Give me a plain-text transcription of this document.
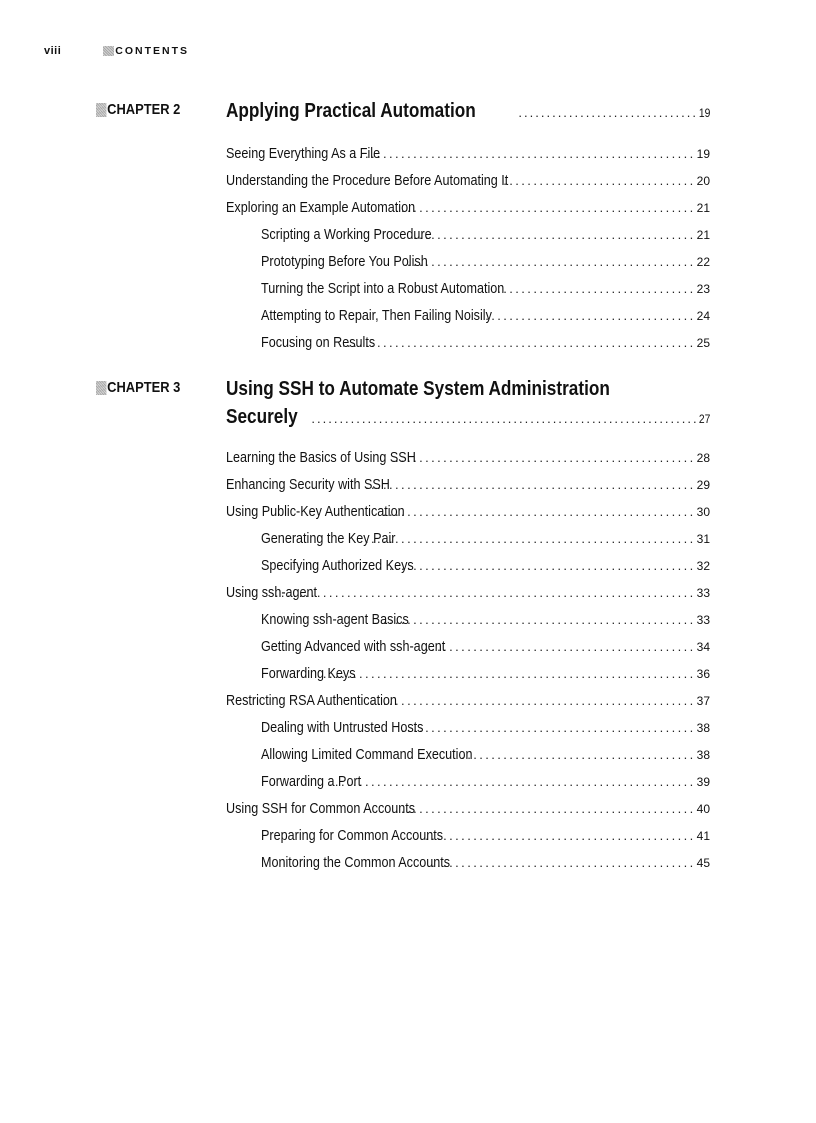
viii	CONTENTS
CHAPTER 2 Applying Practical Automation .....	19
Seeing Everything As a File .....	19
Understanding the Procedure Before Automating It .....	20
Exploring an Example Automation .....	21
Scripting a Working Procedure .....	21
Prototyping Before You Polish .....	22
Turning the Script into a Robust Automation .....	23
Attempting to Repair, Then Failing Noisily .....	24
Focusing on Results .....	25
CHAPTER 3 Using SSH to Automate System Administration
Securely .....	27
Learning the Basics of Using SSH .....	28
Enhancing Security with SSH .....	29
Using Public-Key Authentication .....	30
Generating the Key Pair .....	31
Specifying Authorized Keys .....	32
Using ssh-agent .....	33
Knowing ssh-agent Basics .....	33
Getting Advanced with ssh-agent .....	34
Forwarding Keys .....	36
Restricting RSA Authentication .....	37
Dealing with Untrusted Hosts .....	38
Allowing Limited Command Execution .....	38
Forwarding a Port .....	39
Using SSH for Common Accounts .....	40
Preparing for Common Accounts .....	41
Monitoring the Common Accounts .....	45
